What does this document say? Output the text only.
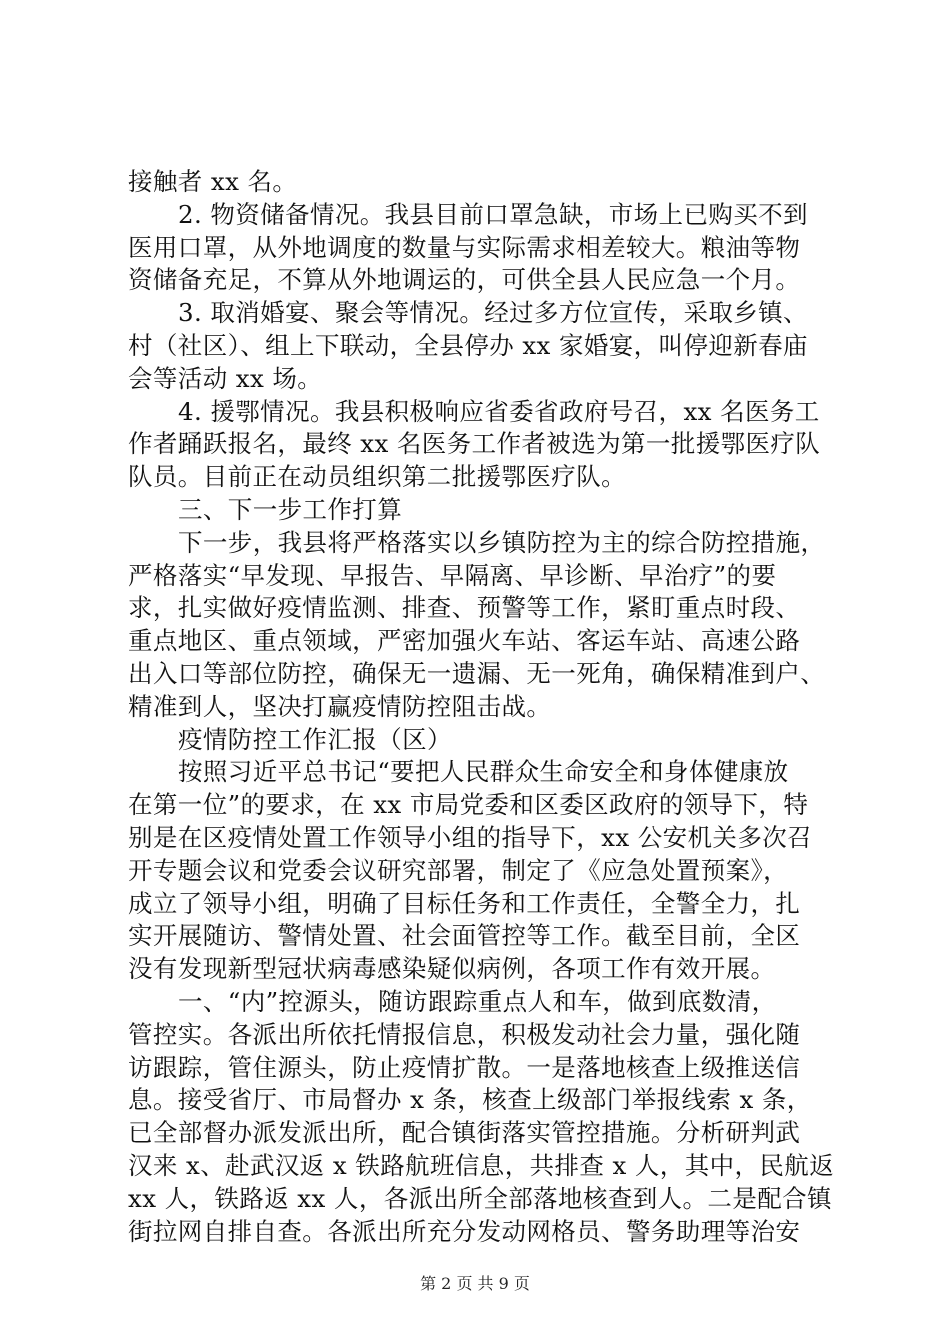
接触者 xx 名。
2. 物资储备情况。我县目前口罩急缺，市场上已购买不到
医用口罩，从外地调度的数量与实际需求相差较大。粮油等物
资储备充足，不算从外地调运的，可供全县人民应急一个月。
3. 取消婚宴、聚会等情况。经过多方位宣传，采取乡镇、
村（社区）、组上下联动，全县停办 xx 家婚宴，叫停迎新春庙
会等活动 xx 场。
4. 援鄂情况。我县积极响应省委省政府号召，xx 名医务工
作者踊跃报名，最终 xx 名医务工作者被选为第一批援鄂医疗队
队员。目前正在动员组织第二批援鄂医疗队。
三、下一步工作打算
下一步，我县将严格落实以乡镇防控为主的综合防控措施，
严格落实“早发现、早报告、早隔离、早诊断、早治疗”的要
求，扎实做好疫情监测、排查、预警等工作，紧盯重点时段、
重点地区、重点领域，严密加强火车站、客运车站、高速公路
出入口等部位防控，确保无一遗漏、无一死角，确保精准到户、
精准到人，坚决打赢疫情防控阻击战。
疫情防控工作汇报（区）
按照习近平总书记“要把人民群众生命安全和身体健康放
在第一位”的要求，在 xx 市局党委和区委区政府的领导下，特
别是在区疫情处置工作领导小组的指导下，xx 公安机关多次召
开专题会议和党委会议研究部署，制定了《应急处置预案》，
成立了领导小组，明确了目标任务和工作责任，全警全力，扎
实开展随访、警情处置、社会面管控等工作。截至目前，全区
没有发现新型冠状病毒感染疑似病例，各项工作有效开展。
一、“内”控源头，随访跟踪重点人和车，做到底数清，
管控实。各派出所依托情报信息，积极发动社会力量，强化随
访跟踪，管住源头，防止疫情扩散。一是落地核查上级推送信
息。接受省厅、市局督办 x 条，核查上级部门举报线索 x 条，
已全部督办派发派出所，配合镇街落实管控措施。分析研判武
汉来 x、赴武汉返 x 铁路航班信息，共排查 x 人，其中，民航返
xx 人，铁路返 xx 人，各派出所全部落地核查到人。二是配合镇
街拉网自排自查。各派出所充分发动网格员、警务助理等治安
第 2 页 共 9 页
